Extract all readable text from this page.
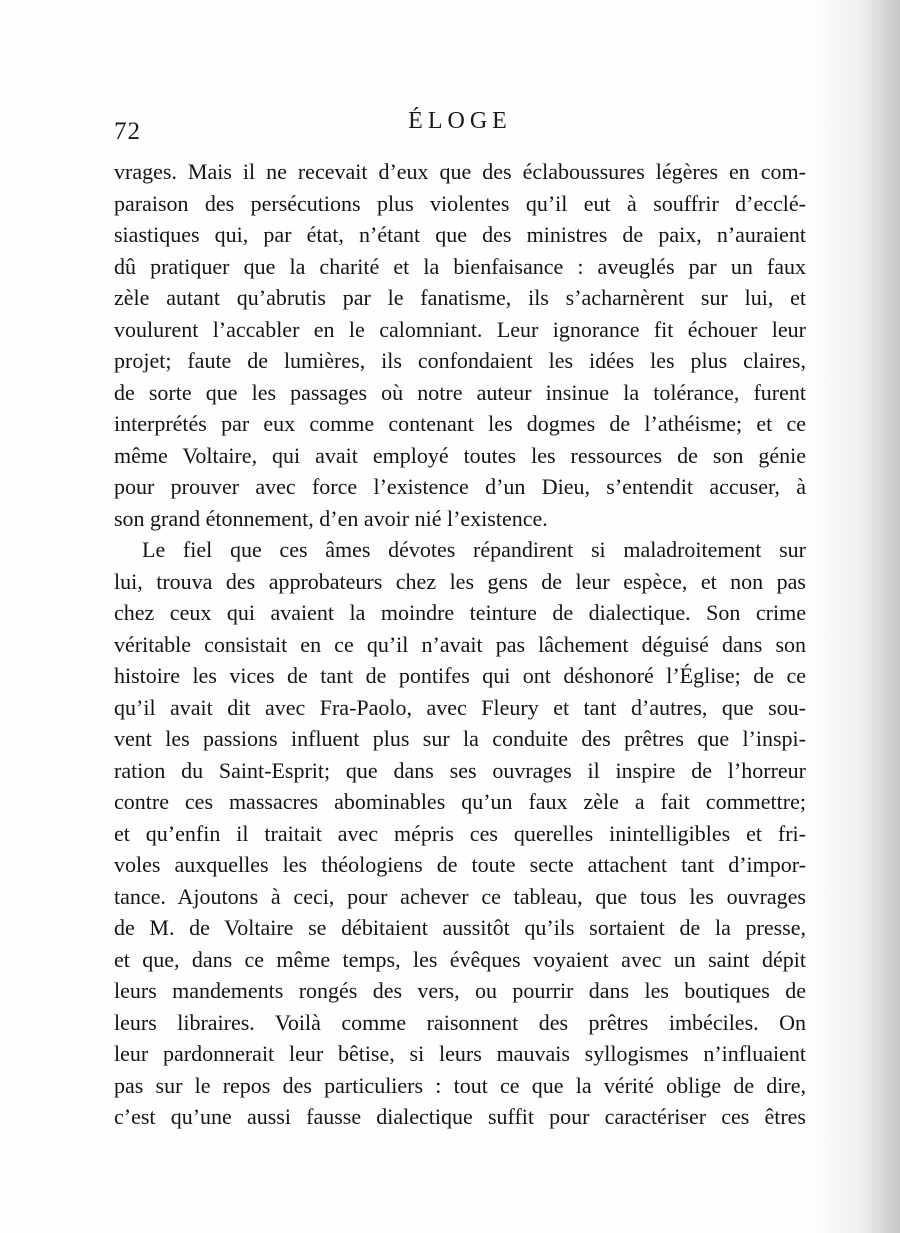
72	ÉLOGE
vrages. Mais il ne recevait d’eux que des éclaboussures légères en com-
paraison des persécutions plus violentes qu’il eut à souffrir d’ecclé-
siastiques qui, par état, n’étant que des ministres de paix, n’auraient
dû pratiquer que la charité et la bienfaisance : aveuglés par un faux
zèle autant qu’abrutis par le fanatisme, ils s’acharnèrent sur lui, et
voulurent l’accabler en le calomniant. Leur ignorance fit échouer leur
projet; faute de lumières, ils confondaient les idées les plus claires,
de sorte que les passages où notre auteur insinue la tolérance, furent
interprétés par eux comme contenant les dogmes de l’athéisme; et ce
même Voltaire, qui avait employé toutes les ressources de son génie
pour prouver avec force l’existence d’un Dieu, s’entendit accuser, à
son grand étonnement, d’en avoir nié l’existence.
Le fiel que ces âmes dévotes répandirent si maladroitement sur
lui, trouva des approbateurs chez les gens de leur espèce, et non pas
chez ceux qui avaient la moindre teinture de dialectique. Son crime
véritable consistait en ce qu’il n’avait pas lâchement déguisé dans son
histoire les vices de tant de pontifes qui ont déshonoré l’Église; de ce
qu’il avait dit avec Fra-Paolo, avec Fleury et tant d’autres, que sou-
vent les passions influent plus sur la conduite des prêtres que l’inspi-
ration du Saint-Esprit; que dans ses ouvrages il inspire de l’horreur
contre ces massacres abominables qu’un faux zèle a fait commettre;
et qu’enfin il traitait avec mépris ces querelles inintelligibles et fri-
voles auxquelles les théologiens de toute secte attachent tant d’impor-
tance. Ajoutons à ceci, pour achever ce tableau, que tous les ouvrages
de M. de Voltaire se débitaient aussitôt qu’ils sortaient de la presse,
et que, dans ce même temps, les évêques voyaient avec un saint dépit
leurs mandements rongés des vers, ou pourrir dans les boutiques de
leurs libraires. Voilà comme raisonnent des prêtres imbéciles. On
leur pardonnerait leur bêtise, si leurs mauvais syllogismes n’influaient
pas sur le repos des particuliers : tout ce que la vérité oblige de dire,
c’est qu’une aussi fausse dialectique suffit pour caractériser ces êtres
